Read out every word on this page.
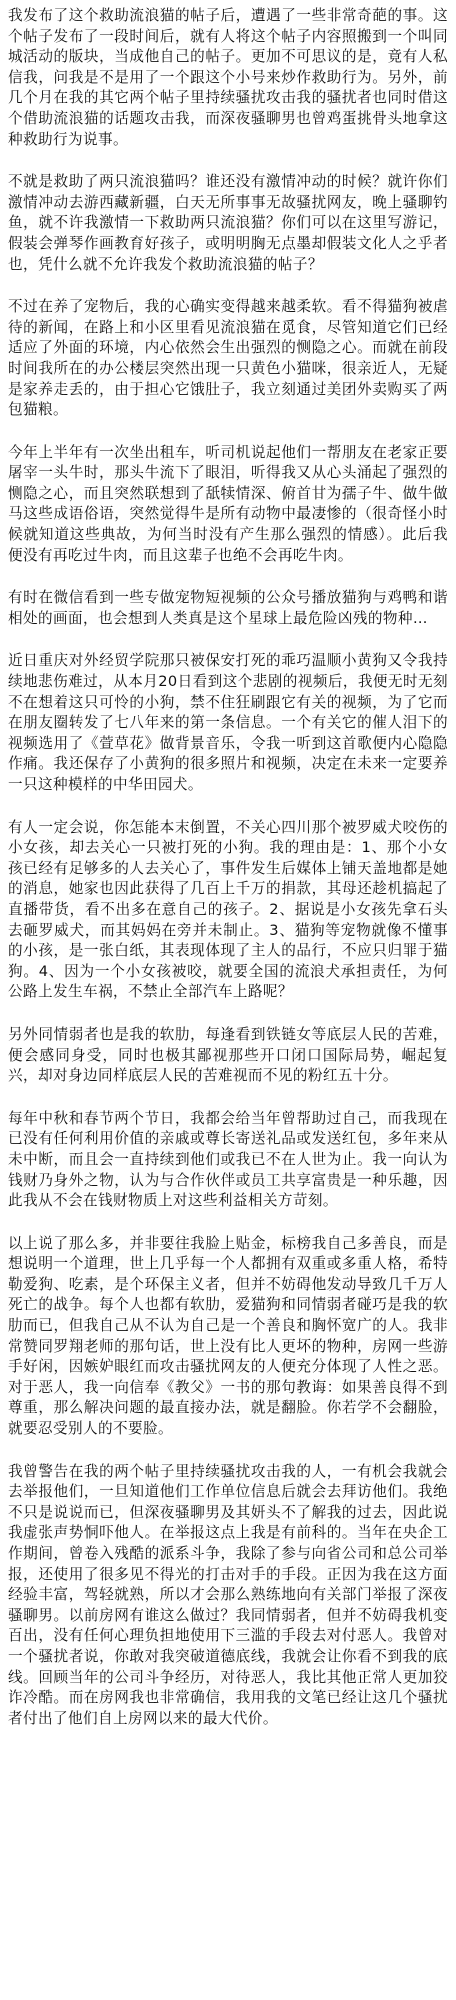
我发布了这个救助流浪猫的帖子后，遭遇了一些非常奇葩的事。这个帖子发布了一段时间后，就有人将这个帖子内容照搬到一个叫同城活动的版块，当成他自己的帖子。更加不可思议的是，竟有人私信我，问我是不是用了一个跟这个小号来炒作救助行为。另外，前几个月在我的其它两个帖子里持续骚扰攻击我的骚扰者也同时借这个借助流浪猫的话题攻击我，而深夜骚聊男也曾鸡蛋挑骨头地拿这种救助行为说事。

不就是救助了两只流浪猫吗？谁还没有激情冲动的时候？就许你们激情冲动去游西藏新疆，白天无所事事无故骚扰网友，晚上骚聊钓鱼，就不许我激情一下救助两只流浪猫？你们可以在这里写游记，假装会弹琴作画教育好孩子，或明明胸无点墨却假装文化人之乎者也，凭什么就不允许我发个救助流浪猫的帖子？

不过在养了宠物后，我的心确实变得越来越柔软。看不得猫狗被虐待的新闻，在路上和小区里看见流浪猫在觅食，尽管知道它们已经适应了外面的环境，内心依然会生出强烈的恻隐之心。而就在前段时间我所在的办公楼层突然出现一只黄色小猫咪，很亲近人，无疑是家养走丢的，由于担心它饿肚子，我立刻通过美团外卖购买了两包猫粮。

今年上半年有一次坐出租车，听司机说起他们一帮朋友在老家正要屠宰一头牛时，那头牛流下了眼泪，听得我又从心头涌起了强烈的恻隐之心，而且突然联想到了舐犊情深、俯首甘为孺子牛、做牛做马这些成语俗语，突然觉得牛是所有动物中最凄惨的（很奇怪小时候就知道这些典故，为何当时没有产生那么强烈的情感）。此后我便没有再吃过牛肉，而且这辈子也绝不会再吃牛肉。

有时在微信看到一些专做宠物短视频的公众号播放猫狗与鸡鸭和谐相处的画面，也会想到人类真是这个星球上最危险凶残的物种…

近日重庆对外经贸学院那只被保安打死的乖巧温顺小黄狗又令我持续地悲伤难过，从本月20日看到这个悲剧的视频后，我便无时无刻不在想着这只可怜的小狗，禁不住狂刷跟它有关的视频，为了它而在朋友圈转发了七八年来的第一条信息。一个有关它的催人泪下的视频选用了《萱草花》做背景音乐，令我一听到这首歌便内心隐隐作痛。我还保存了小黄狗的很多照片和视频，决定在未来一定要养一只这种模样的中华田园犬。

有人一定会说，你怎能本末倒置，不关心四川那个被罗威犬咬伤的小女孩，却去关心一只被打死的小狗。我的理由是：1、那个小女孩已经有足够多的人去关心了，事件发生后媒体上铺天盖地都是她的消息，她家也因此获得了几百上千万的捐款，其母还趁机搞起了直播带货，看不出多在意自己的孩子。2、据说是小女孩先拿石头去砸罗威犬，而其妈妈在旁并未制止。3、猫狗等宠物就像不懂事的小孩，是一张白纸，其表现体现了主人的品行，不应只归罪于猫狗。4、因为一个小女孩被咬，就要全国的流浪犬承担责任，为何公路上发生车祸，不禁止全部汽车上路呢？

另外同情弱者也是我的软肋，每逢看到铁链女等底层人民的苦难，便会感同身受，同时也极其鄙视那些开口闭口国际局势，崛起复兴，却对身边同样底层人民的苦难视而不见的粉红五十分。

每年中秋和春节两个节日，我都会给当年曾帮助过自己，而我现在已没有任何利用价值的亲戚或尊长寄送礼品或发送红包，多年来从未中断，而且会一直持续到他们或我已不在人世为止。我一向认为钱财乃身外之物，认为与合作伙伴或员工共享富贵是一种乐趣，因此我从不会在钱财物质上对这些利益相关方苛刻。

以上说了那么多，并非要往我脸上贴金，标榜我自己多善良，而是想说明一个道理，世上几乎每一个人都拥有双重或多重人格，希特勒爱狗、吃素，是个环保主义者，但并不妨碍他发动导致几千万人死亡的战争。每个人也都有软肋，爱猫狗和同情弱者碰巧是我的软肋而已，但我自己从不认为自己是一个善良和胸怀宽广的人。我非常赞同罗翔老师的那句话，世上没有比人更坏的物种，房网一些游手好闲，因嫉妒眼红而攻击骚扰网友的人便充分体现了人性之恶。对于恶人，我一向信奉《教父》一书的那句教诲：如果善良得不到尊重，那么解决问题的最直接办法，就是翻脸。你若学不会翻脸，就要忍受别人的不要脸。

我曾警告在我的两个帖子里持续骚扰攻击我的人，一有机会我就会去举报他们，一旦知道他们工作单位信息后就会去拜访他们。我绝不只是说说而已，但深夜骚聊男及其妍头不了解我的过去，因此说我虚张声势恫吓他人。在举报这点上我是有前科的。当年在央企工作期间，曾卷入残酷的派系斗争，我除了参与向省公司和总公司举报，还使用了很多见不得光的打击对手的手段。正因为我在这方面经验丰富，驾轻就熟，所以才会那么熟练地向有关部门举报了深夜骚聊男。以前房网有谁这么做过？我同情弱者，但并不妨碍我机变百出，没有任何心理负担地使用下三滥的手段去对付恶人。我曾对一个骚扰者说，你敢对我突破道德底线，我就会让你看不到我的底线。回顾当年的公司斗争经历，对待恶人，我比其他正常人更加狡诈冷酷。而在房网我也非常确信，我用我的文笔已经让这几个骚扰者付出了他们自上房网以来的最大代价。
